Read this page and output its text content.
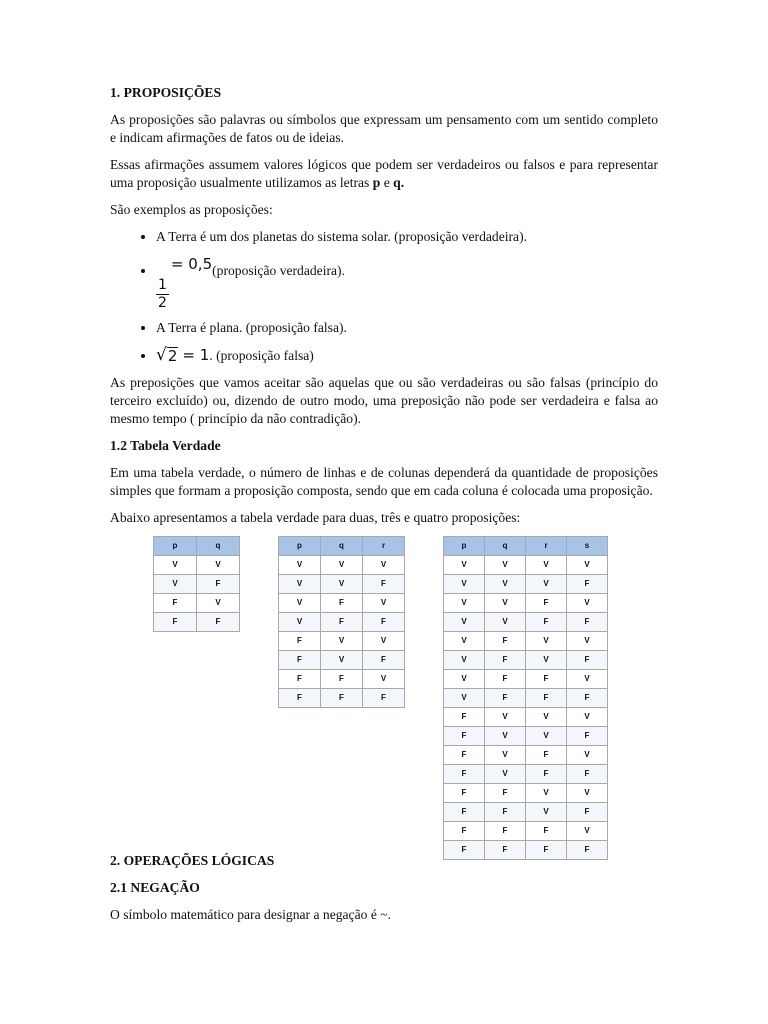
1. PROPOSIÇÕES

As proposições são palavras ou símbolos que expressam um pensamento com um sentido completo e indicam afirmações de fatos ou de ideias.

Essas afirmações assumem valores lógicos que podem ser verdadeiros ou falsos e para representar uma proposição usualmente utilizamos as letras p e q.

São exemplos as proposições:

• A Terra é um dos planetas do sistema solar. (proposição verdadeira).
• $\frac{1}{2}$
= 0,5(proposição verdadeira).
• A Terra é plana. (proposição falsa).
• √ 2 = 1. (proposição falsa)

As preposições que vamos aceitar são aquelas que ou são verdadeiras ou são falsas (princípio do terceiro excluído) ou, dizendo de outro modo, uma preposição não pode ser verdadeira e falsa ao mesmo tempo ( princípio da não contradição).

1.2 Tabela Verdade

Em uma tabela verdade, o número de linhas e de colunas dependerá da quantidade de proposições simples que formam a proposição composta, sendo que em cada coluna é colocada uma proposição.

Abaixo apresentamos a tabela verdade para duas, três e quatro proposições:

p	q
V	V
V	F
F	V
F	F
p	q	r
V	V	V
V	V	F
V	F	V
V	F	F
F	V	V
F	V	F
F	F	V
F	F	F
p	q	r	s
V	V	V	V
V	V	V	F
V	V	F	V
V	V	F	F
V	F	V	V
V	F	V	F
V	F	F	V
V	F	F	F
F	V	V	V
F	V	V	F
F	V	F	V
F	V	F	F
F	F	V	V
F	F	V	F
F	F	F	V
F	F	F	F
2. OPERAÇÕES LÓGICAS
2.1 NEGAÇÃO

O símbolo matemático para designar a negação é ~.
